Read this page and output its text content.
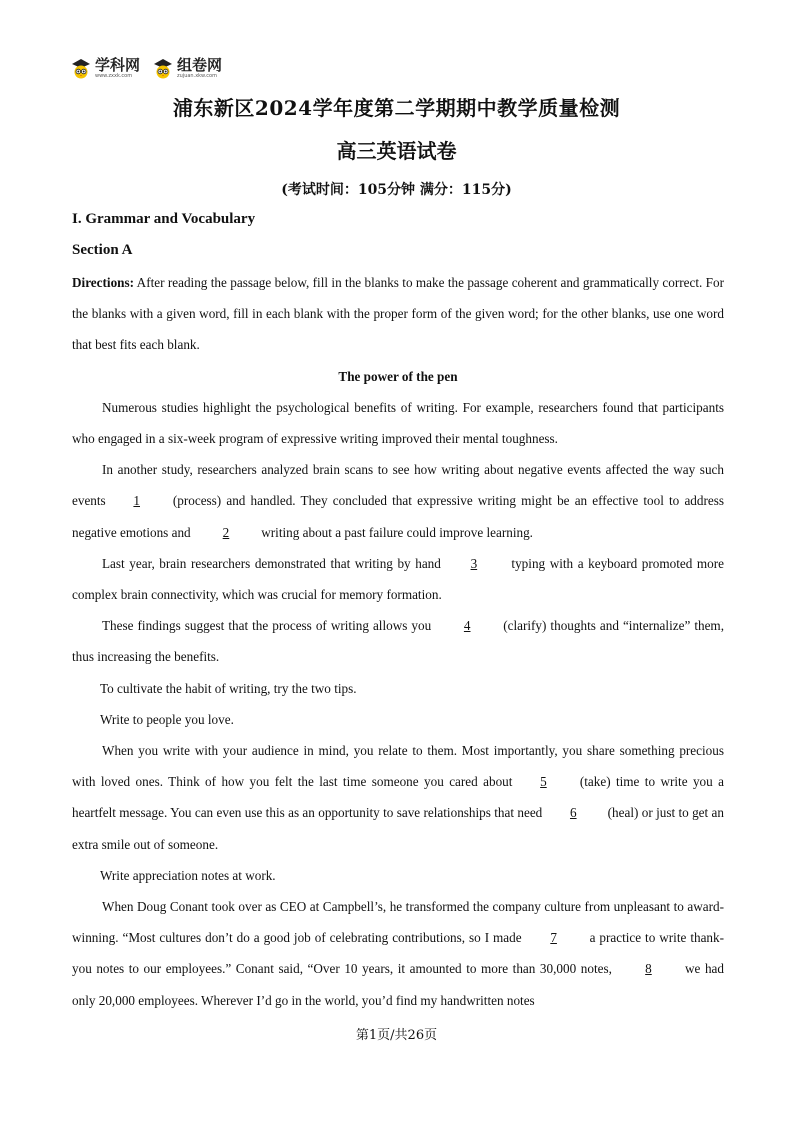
学科网
www.zxxk.com
组卷网
zujuan.xkw.com
浦东新区2024学年度第二学期期中教学质量检测
高三英语试卷
(考试时间：105分钟 满分：115分)
I. Grammar and Vocabulary
Section A

Directions: After reading the passage below, fill in the blanks to make the passage coherent and grammatically correct. For the blanks with a given word, fill in each blank with the proper form of the given word; for the other blanks, use one word that best fits each blank.

The power of the pen

Numerous studies highlight the psychological benefits of writing. For example, researchers found that participants who engaged in a six-week program of expressive writing improved their mental toughness.

In another study, researchers analyzed brain scans to see how writing about negative events affected the way such events 1 (process) and handled. They concluded that expressive writing might be an effective tool to address negative emotions and 2 writing about a past failure could improve learning.

Last year, brain researchers demonstrated that writing by hand 3 typing with a keyboard promoted more complex brain connectivity, which was crucial for memory formation.

These findings suggest that the process of writing allows you 4 (clarify) thoughts and “internalize” them, thus increasing the benefits.

To cultivate the habit of writing, try the two tips.

Write to people you love.

When you write with your audience in mind, you relate to them. Most importantly, you share something precious with loved ones. Think of how you felt the last time someone you cared about 5 (take) time to write you a heartfelt message. You can even use this as an opportunity to save relationships that need 6 (heal) or just to get an extra smile out of someone.

Write appreciation notes at work.

When Doug Conant took over as CEO at Campbell’s, he transformed the company culture from unpleasant to award-winning. “Most cultures don’t do a good job of celebrating contributions, so I made 7 a practice to write thank-you notes to our employees.” Conant said, “Over 10 years, it amounted to more than 30,000 notes, 8 we had only 20,000 employees. Wherever I’d go in the world, you’d find my handwritten notes

第1页/共26页
